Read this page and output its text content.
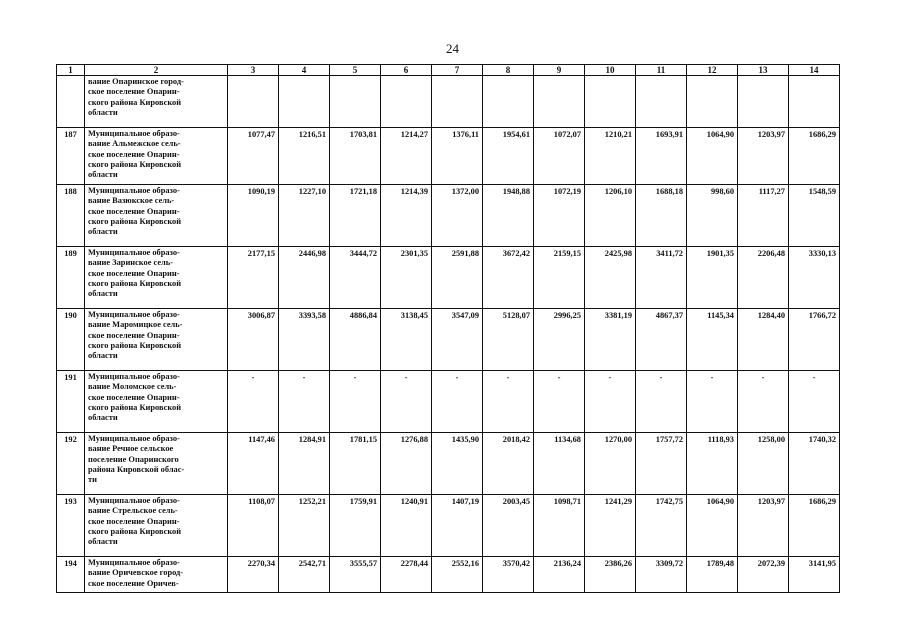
24
1	2	3	4	5	6	7	8	9	10	11	12	13	14

	вание Опаринское город-
ское поселение Опарин-
ского района Кировской
области												

187	Муниципальное образо-
вание Альмежское сель-
ское поселение Опарин-
ского района Кировской
области	1077,47	1216,51	1703,81	1214,27	1376,11	1954,61	1072,07	1210,21	1693,91	1064,90	1203,97	1686,29
188	Муниципальное образо-
вание Вазюкское сель-
ское поселение Опарин-
ского района Кировской
области	1090,19	1227,10	1721,18	1214,39	1372,00	1948,88	1072,19	1206,10	1688,18	998,60	1117,27	1548,59
189	Муниципальное образо-
вание Заринское сель-
ское поселение Опарин-
ского района Кировской
области	2177,15	2446,98	3444,72	2301,35	2591,88	3672,42	2159,15	2425,98	3411,72	1901,35	2206,48	3330,13
190	Муниципальное образо-
вание Маромицкое сель-
ское поселение Опарин-
ского района Кировской
области	3006,87	3393,58	4886,84	3138,45	3547,09	5128,07	2996,25	3381,19	4867,37	1145,34	1284,40	1766,72
191	Муниципальное образо-
вание Моломское сель-
ское поселение Опарин-
ского района Кировской
области	-	-	-	-	-	-	-	-	-	-	-	-
192	Муниципальное образо-
вание Речное сельское
поселение Опаринского
района Кировской облас-
ти	1147,46	1284,91	1781,15	1276,88	1435,90	2018,42	1134,68	1270,00	1757,72	1118,93	1258,00	1740,32
193	Муниципальное образо-
вание Стрельское сель-
ское поселение Опарин-
ского района Кировской
области	1108,07	1252,21	1759,91	1240,91	1407,19	2003,45	1098,71	1241,29	1742,75	1064,90	1203,97	1686,29
194	Муниципальное образо-
вание Оричевское город-
ское поселение Оричев-	2270,34	2542,71	3555,57	2278,44	2552,16	3570,42	2136,24	2386,26	3309,72	1789,48	2072,39	3141,95
